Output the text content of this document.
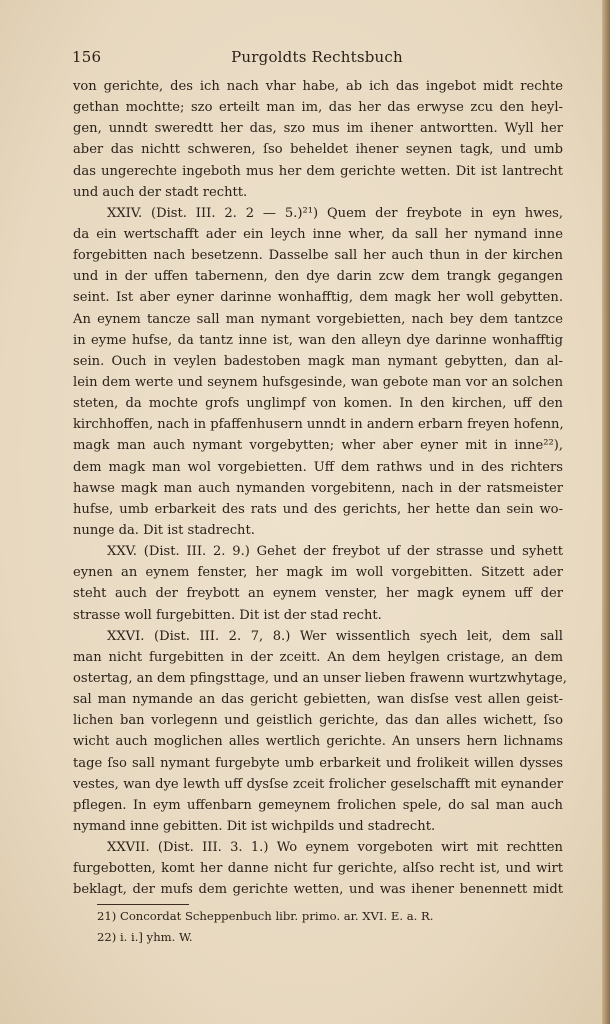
156	Purgoldts Rechtsbuch
von gerichte, des ich nach vhar habe, ab ich das ingebot midt rechte
gethan mochtte; szo erteilt man im, das her das erwyse zcu den heyl-
gen, unndt sweredtt her das, szo mus im ihener antwortten. Wyll her
aber das nichtt schweren, ſso beheldet ihener seynen tagk, und umb
das ungerechte ingeboth mus her dem gerichte wetten. Dit ist lantrecht
und auch der stadt rechtt.
XXIV. (Dist. III. 2. 2 — 5.)²¹) Quem der freybote in eyn hwes,
da ein wertschafft ader ein leych inne wher, da sall her nymand inne
forgebitten nach besetzenn. Dasselbe sall her auch thun in der kirchen
und in der uffen tabernenn, den dye darin zcw dem trangk gegangen
seint. Ist aber eyner darinne wonhafftig, dem magk her woll gebytten.
An eynem tancze sall man nymant vorgebietten, nach bey dem tantzce
in eyme hufse, da tantz inne ist, wan den alleyn dye darinne wonhafftig
sein. Ouch in veylen badestoben magk man nymant gebytten, dan al-
lein dem werte und seynem hufsgesinde, wan gebote man vor an solchen
steten, da mochte grofs unglimpf von komen. In den kirchen, uff den
kirchhoffen, nach in pfaffenhusern unndt in andern erbarn freyen hofenn,
magk man auch nymant vorgebytten; wher aber eyner mit in inne²²),
dem magk man wol vorgebietten. Uff dem rathws und in des richters
hawse magk man auch nymanden vorgebitenn, nach in der ratsmeister
hufse, umb erbarkeit des rats und des gerichts, her hette dan sein wo-
nunge da. Dit ist stadrecht.
XXV. (Dist. III. 2. 9.) Gehet der freybot uf der strasse und syhett
eynen an eynem fenster, her magk im woll vorgebitten. Sitzett ader
steht auch der freybott an eynem venster, her magk eynem uff der
strasse woll furgebitten. Dit ist der stad recht.
XXVI. (Dist. III. 2. 7, 8.) Wer wissentlich syech leit, dem sall
man nicht furgebitten in der zceitt. An dem heylgen cristage, an dem
ostertag, an dem pfingsttage, und an unser lieben frawenn wurtzwhytage,
sal man nymande an das gericht gebietten, wan disſse vest allen geist-
lichen ban vorlegenn und geistlich gerichte, das dan alles wichett, ſso
wicht auch moglichen alles wertlich gerichte. An unsers hern lichnams
tage ſso sall nymant furgebyte umb erbarkeit und frolikeit willen dysses
vestes, wan dye lewth uff dysſse zceit frolicher geselschafft mit eynander
pflegen. In eym uffenbarn gemeynem frolichen spele, do sal man auch
nymand inne gebitten. Dit ist wichpilds und stadrecht.
XXVII. (Dist. III. 3. 1.) Wo eynem vorgeboten wirt mit rechtten
furgebotten, komt her danne nicht fur gerichte, alſso recht ist, und wirt
beklagt, der mufs dem gerichte wetten, und was ihener benennett midt
21) Concordat Scheppenbuch libr. primo. ar. XVI. E. a. R.
22) i. i.] yhm. W.
